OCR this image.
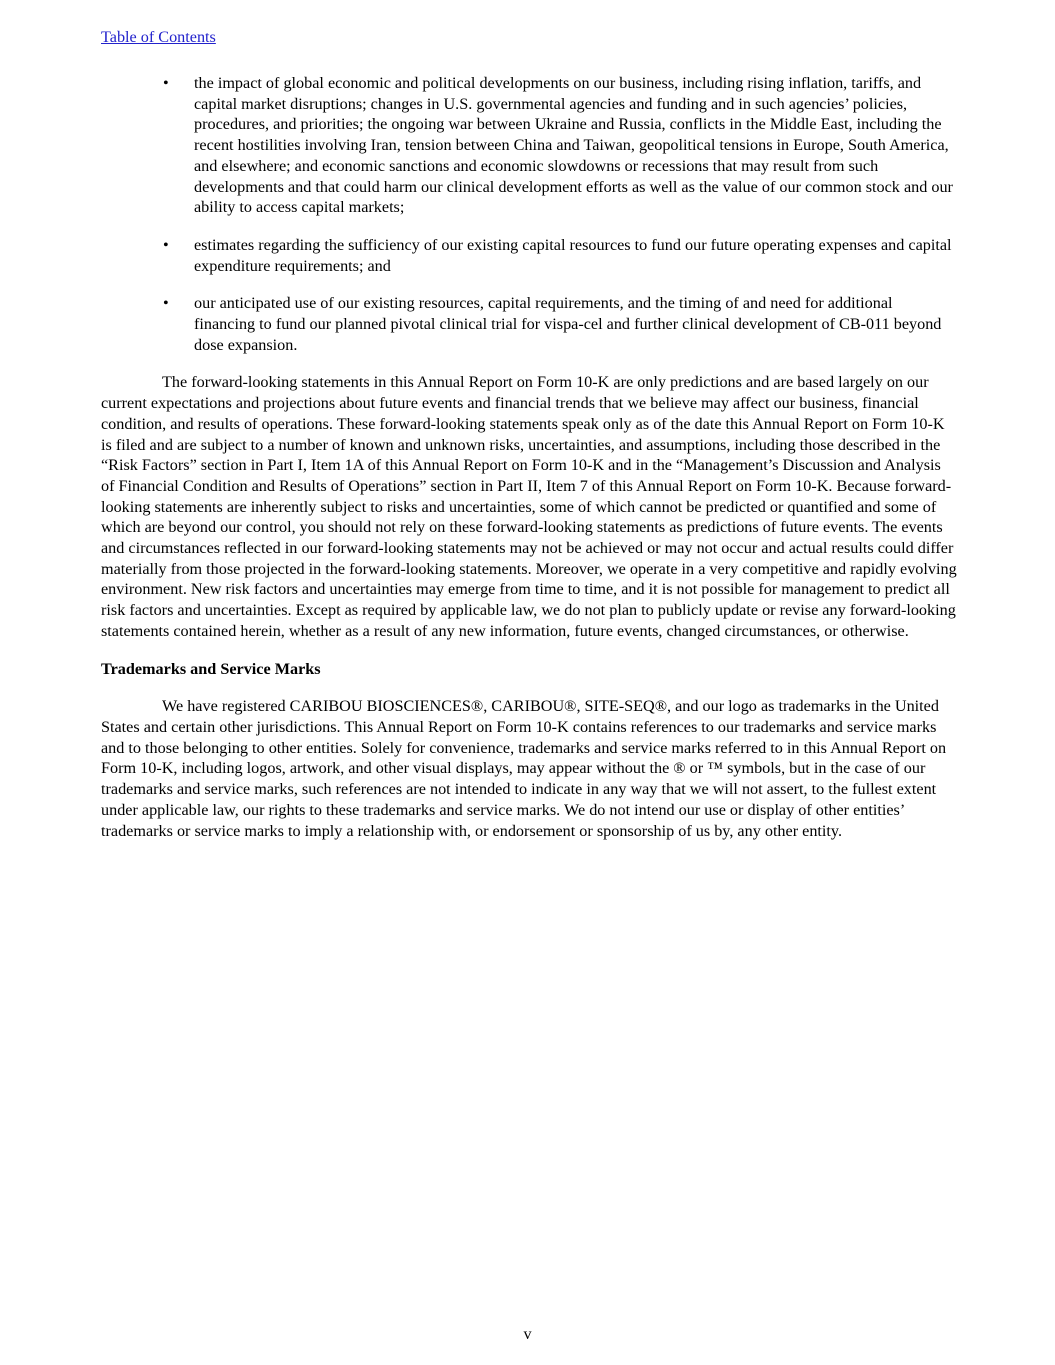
Table of Contents
• the impact of global economic and political developments on our business, including rising inflation, tariffs, and capital market disruptions; changes in U.S. governmental agencies and funding and in such agencies’ policies, procedures, and priorities; the ongoing war between Ukraine and Russia, conflicts in the Middle East, including the recent hostilities involving Iran, tension between China and Taiwan, geopolitical tensions in Europe, South America, and elsewhere; and economic sanctions and economic slowdowns or recessions that may result from such developments and that could harm our clinical development efforts as well as the value of our common stock and our ability to access capital markets;
• estimates regarding the sufficiency of our existing capital resources to fund our future operating expenses and capital expenditure requirements; and
• our anticipated use of our existing resources, capital requirements, and the timing of and need for additional financing to fund our planned pivotal clinical trial for vispa-cel and further clinical development of CB-011 beyond dose expansion.

The forward-looking statements in this Annual Report on Form 10-K are only predictions and are based largely on our current expectations and projections about future events and financial trends that we believe may affect our business, financial condition, and results of operations. These forward-looking statements speak only as of the date this Annual Report on Form 10-K is filed and are subject to a number of known and unknown risks, uncertainties, and assumptions, including those described in the “Risk Factors” section in Part I, Item 1A of this Annual Report on Form 10-K and in the “Management’s Discussion and Analysis of Financial Condition and Results of Operations” section in Part II, Item 7 of this Annual Report on Form 10-K. Because forward-looking statements are inherently subject to risks and uncertainties, some of which cannot be predicted or quantified and some of which are beyond our control, you should not rely on these forward-looking statements as predictions of future events. The events and circumstances reflected in our forward-looking statements may not be achieved or may not occur and actual results could differ materially from those projected in the forward-looking statements. Moreover, we operate in a very competitive and rapidly evolving environment. New risk factors and uncertainties may emerge from time to time, and it is not possible for management to predict all risk factors and uncertainties. Except as required by applicable law, we do not plan to publicly update or revise any forward-looking statements contained herein, whether as a result of any new information, future events, changed circumstances, or otherwise.

Trademarks and Service Marks

We have registered CARIBOU BIOSCIENCES®, CARIBOU®, SITE-SEQ®, and our logo as trademarks in the United States and certain other jurisdictions. This Annual Report on Form 10-K contains references to our trademarks and service marks and to those belonging to other entities. Solely for convenience, trademarks and service marks referred to in this Annual Report on Form 10-K, including logos, artwork, and other visual displays, may appear without the ® or ™ symbols, but in the case of our trademarks and service marks, such references are not intended to indicate in any way that we will not assert, to the fullest extent under applicable law, our rights to these trademarks and service marks. We do not intend our use or display of other entities’ trademarks or service marks to imply a relationship with, or endorsement or sponsorship of us by, any other entity.

v
